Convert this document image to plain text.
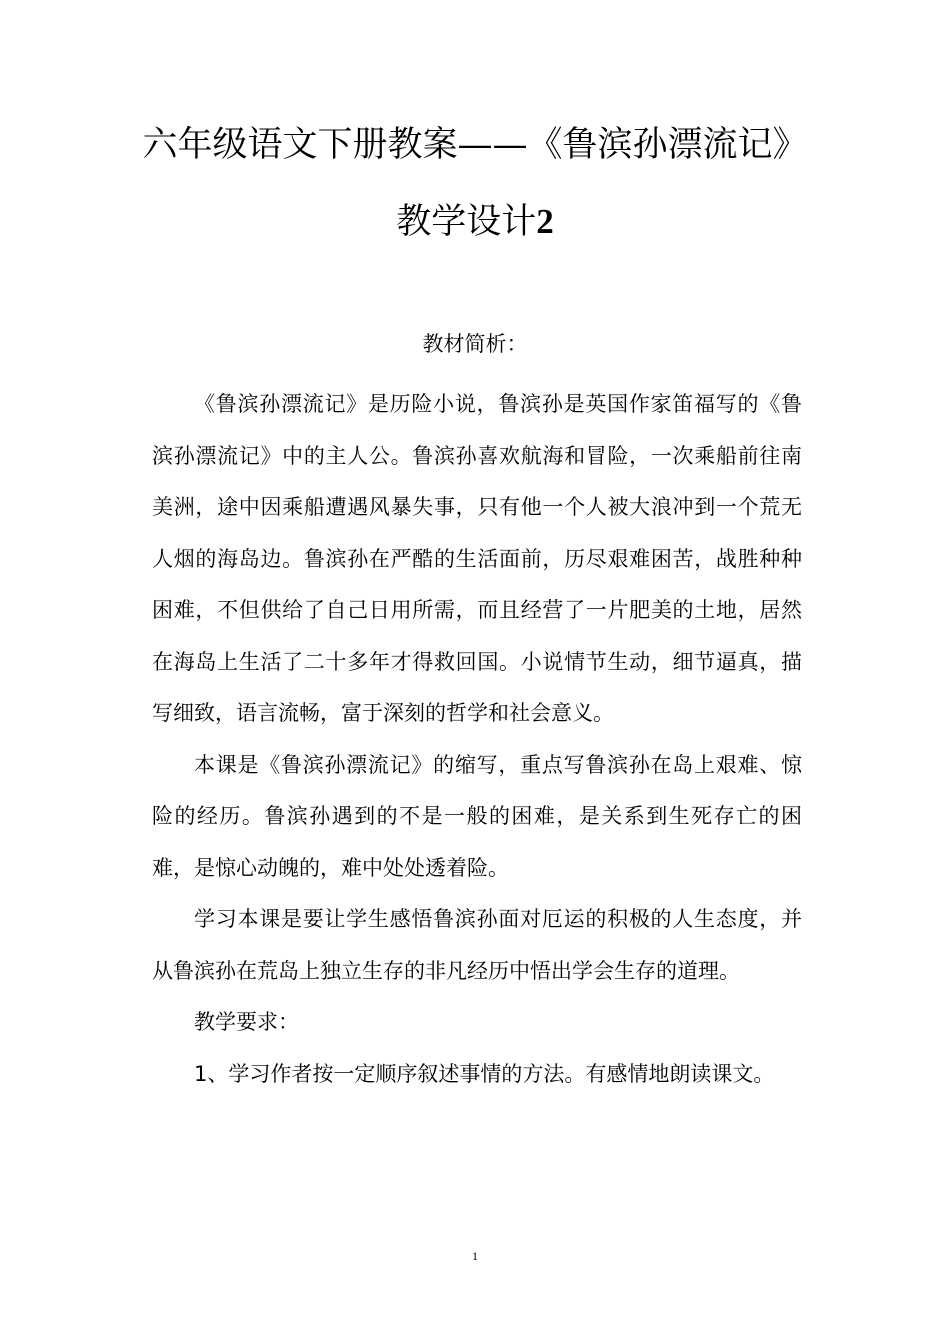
六年级语文下册教案——《鲁滨孙漂流记》
教学设计2
教材简析：

《鲁滨孙漂流记》是历险小说，鲁滨孙是英国作家笛福写的《鲁滨孙漂流记》中的主人公。鲁滨孙喜欢航海和冒险，一次乘船前往南美洲，途中因乘船遭遇风暴失事，只有他一个人被大浪冲到一个荒无人烟的海岛边。鲁滨孙在严酷的生活面前，历尽艰难困苦，战胜种种困难，不但供给了自己日用所需，而且经营了一片肥美的土地，居然在海岛上生活了二十多年才得救回国。小说情节生动，细节逼真，描写细致，语言流畅，富于深刻的哲学和社会意义。

本课是《鲁滨孙漂流记》的缩写，重点写鲁滨孙在岛上艰难、惊险的经历。鲁滨孙遇到的不是一般的困难，是关系到生死存亡的困难，是惊心动魄的，难中处处透着险。

学习本课是要让学生感悟鲁滨孙面对厄运的积极的人生态度，并从鲁滨孙在荒岛上独立生存的非凡经历中悟出学会生存的道理。

教学要求：

1、学习作者按一定顺序叙述事情的方法。有感情地朗读课文。

1
